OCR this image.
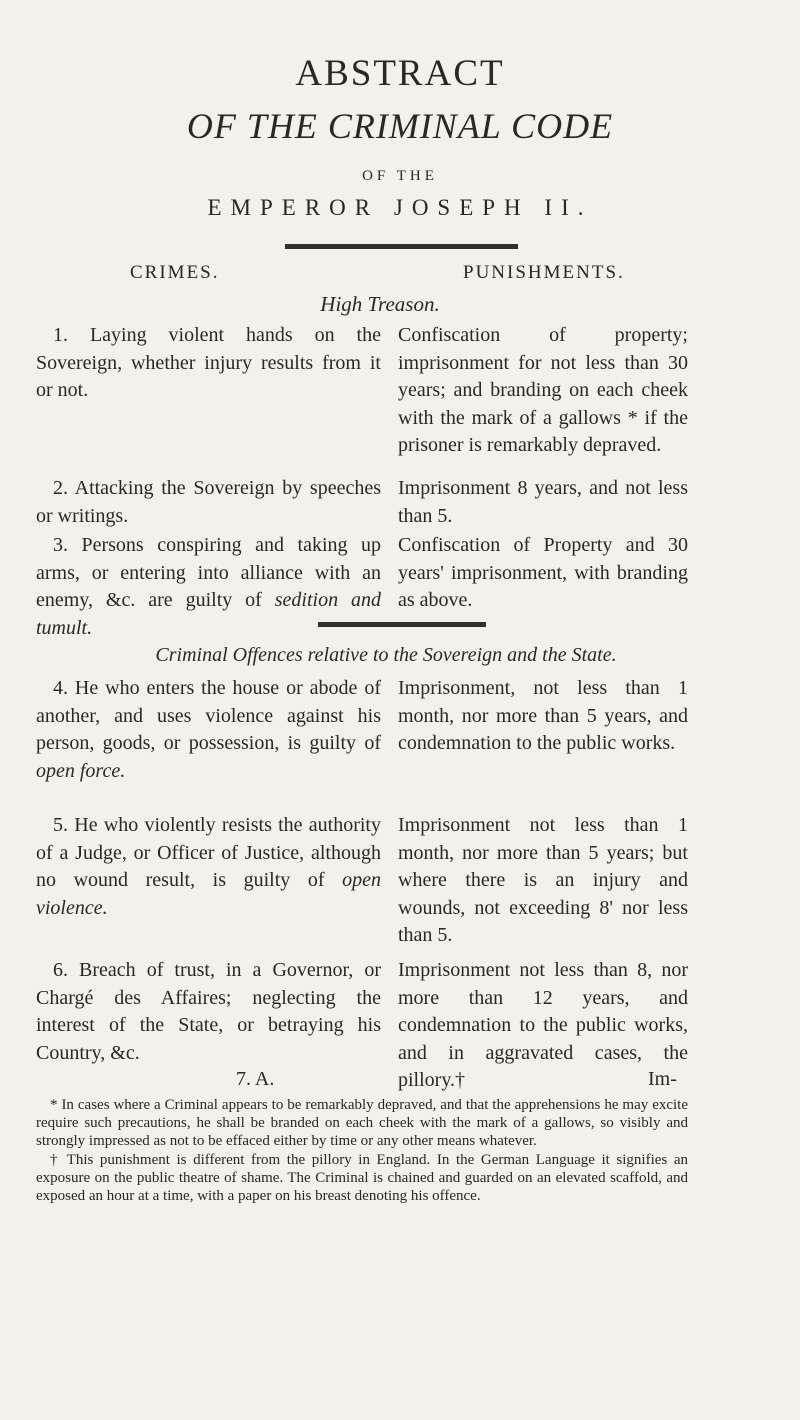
ABSTRACT
OF THE CRIMINAL CODE
OF THE
EMPEROR JOSEPH II.
CRIMES.	PUNISHMENTS.
High Treason.

1. Laying violent hands on the Sovereign, whether injury results from it or not.

Confiscation of property; imprisonment for not less than 30 years; and branding on each cheek with the mark of a gallows * if the prisoner is remarkably depraved.

2. Attacking the Sovereign by speeches or writings.

Imprisonment 8 years, and not less than 5.

3. Persons conspiring and taking up arms, or entering into alliance with an enemy, &c. are guilty of sedition and tumult.

Confiscation of Property and 30 years' imprisonment, with branding as above.
Criminal Offences relative to the Sovereign and the State.

4. He who enters the house or abode of another, and uses violence against his person, goods, or possession, is guilty of open force.

Imprisonment, not less than 1 month, nor more than 5 years, and condemnation to the public works.

5. He who violently resists the authority of a Judge, or Officer of Justice, although no wound result, is guilty of open violence.

Imprisonment not less than 1 month, nor more than 5 years; but where there is an injury and wounds, not exceeding 8' nor less than 5.

6. Breach of trust, in a Governor, or Chargé des Affaires; neglecting the interest of the State, or betraying his Country, &c.

Imprisonment not less than 8, nor more than 12 years, and condemnation to the public works, and in aggravated cases, the pillory.†
7. A.	Im-

* In cases where a Criminal appears to be remarkably depraved, and that the apprehensions he may excite require such precautions, he shall be branded on each cheek with the mark of a gallows, so visibly and strongly impressed as not to be effaced either by time or any other means whatever.

† This punishment is different from the pillory in England. In the German Language it signifies an exposure on the public theatre of shame. The Criminal is chained and guarded on an elevated scaffold, and exposed an hour at a time, with a paper on his breast denoting his offence.
